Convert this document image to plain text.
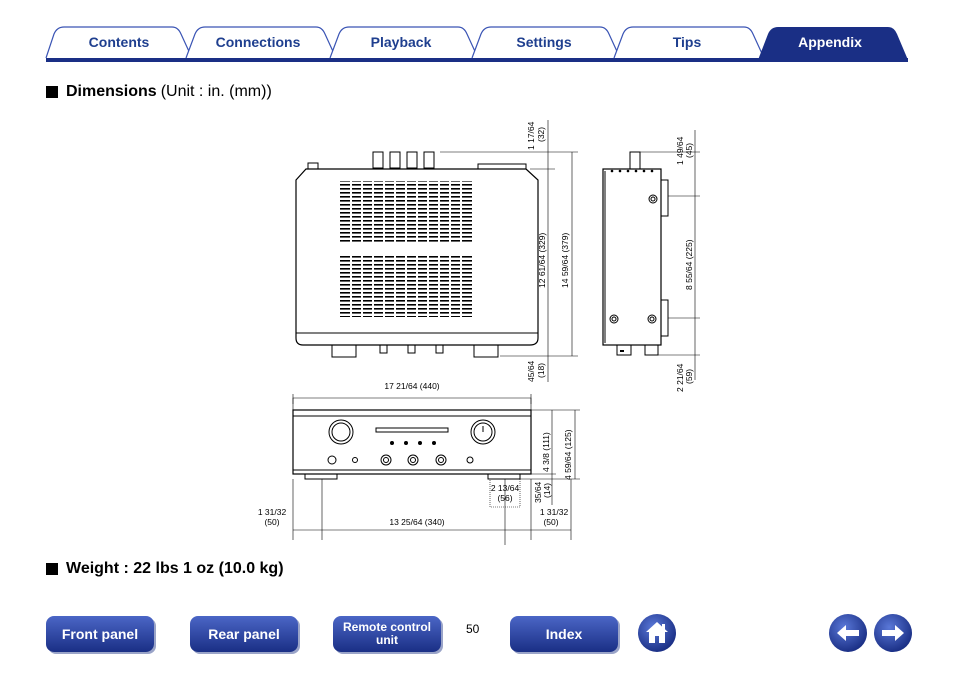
Contents	Connections	Playback	Settings	Tips	Appendix
Dimensions (Unit : in. (mm))
Weight : 22 lbs 1 oz (10.0 kg)
1 17/64 (32)
12 61/64 (329) 14 59/64 (379)
45/64 (18)
1 49/64 (45)
8 55/64 (225)
2 21/64 (59)
17 21/64 (440)
4 3/8 (111) 4 59/64 (125)
2 13/64
(56) 35/64 (14)
1 31/32
(50)	13 25/64 (340)
1 31/32
(50)
Front panel	Rear panel	Remote control
unit
50	Index
